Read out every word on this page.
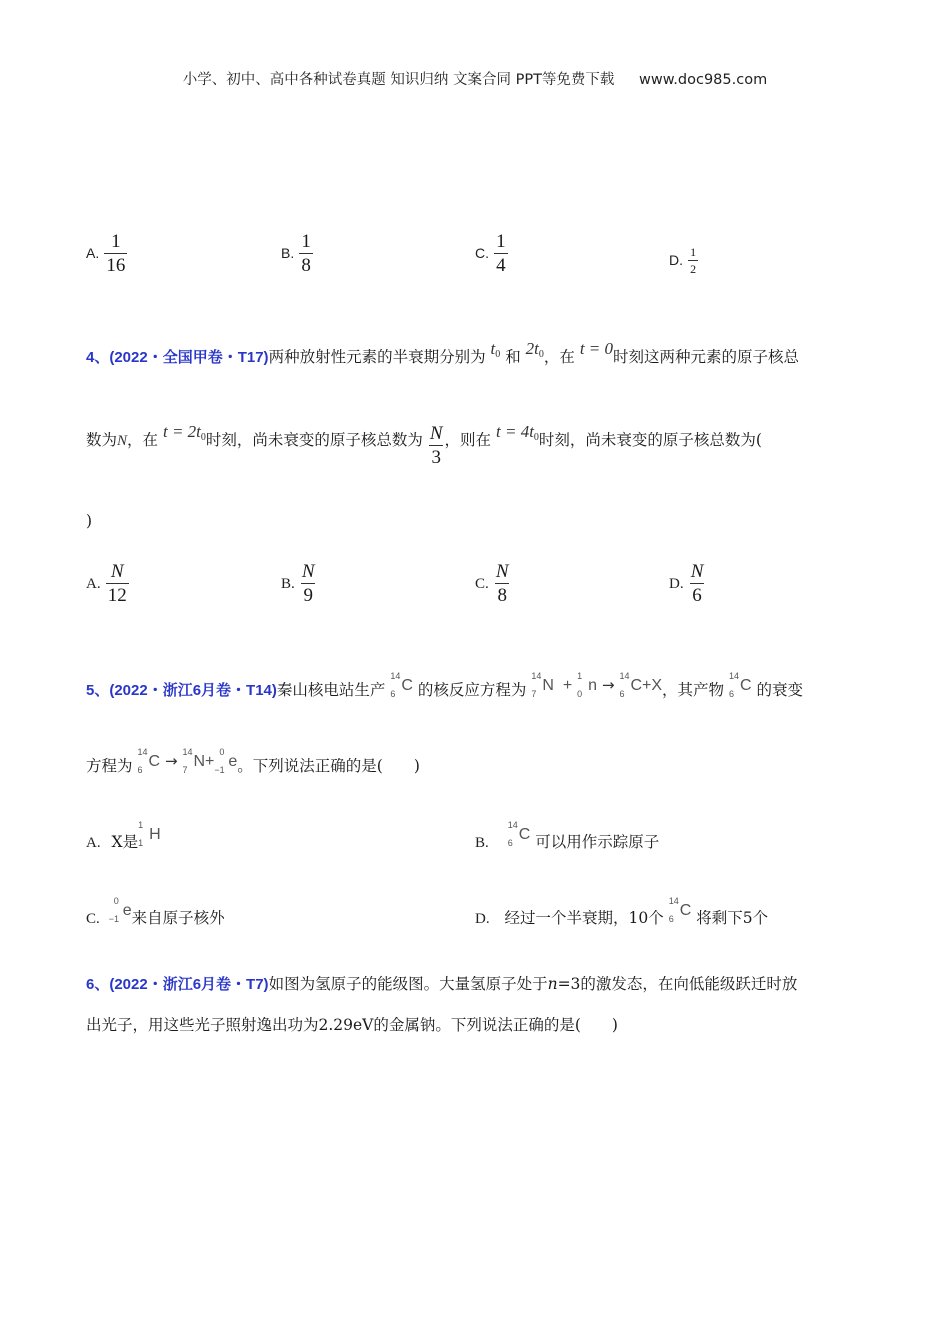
小学、初中、高中各种试卷真题 知识归纳 文案合同 PPT等免费下载 www.doc985.com
A. $\frac{1}{16}$	B. $\frac{1}{8}$	C. $\frac{1}{4}$	D. $\frac{1}{2}$
4、(2022・全国甲卷・T17)两种放射性元素的半衰期分别为 $t_0$ 和 $2t_0$，在 t = 0时刻这两种元素的原子核总
数为N，在 $t = 2t_0$时刻，尚未衰变的原子核总数为 $\frac{N}{3}$ ，则在 $t = 4t_0$时刻，尚未衰变的原子核总数为(
)
A. $\frac{N}{12}$	B. $\frac{N}{9}$	C. $\frac{N}{8}$	D. $\frac{N}{6}$
5、(2022・浙江6月卷・T14)秦山核电站生产
14
6 C 的核反应方程为
14
7 N +
1
0 n → 14
6 C+X，其产物
14
6 C 的衰变
方程为
14
6 C → 14
7 N+
0
−1 e。下列说法正确的是(　　)
A. X是
1
1 H	B.
14
6 C 可以用作示踪原子
C.
0
−1 e来自原子核外	D. 经过一个半衰期，10个
14
6 C 将剩下5个
6、(2022・浙江6月卷・T7)如图为氢原子的能级图。大量氢原子处于n=3的激发态，在向低能级跃迁时放
出光子，用这些光子照射逸出功为2.29eV的金属钠。下列说法正确的是(　　)
